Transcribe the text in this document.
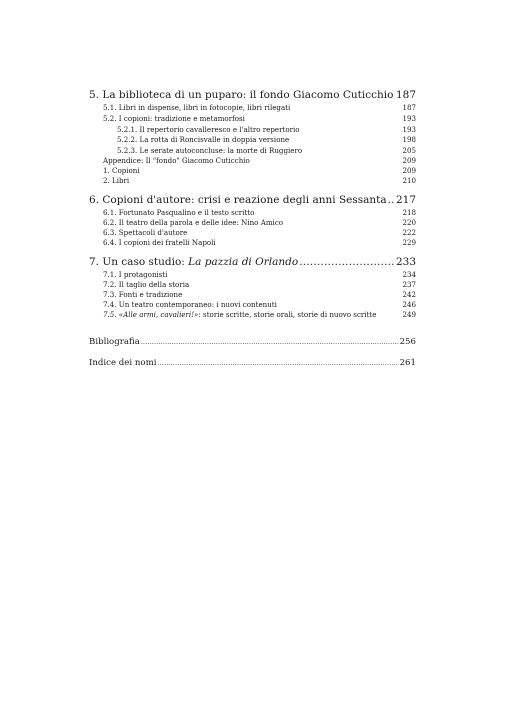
5. La biblioteca di un puparo: il fondo Giacomo Cuticchio ..... 187
5.1. Libri in dispense, libri in fotocopie, libri rilegati	187
5.2. I copioni: tradizione e metamorfosi	193
5.2.1. Il repertorio cavalleresco e l'altro repertorio	193
5.2.2. La rotta di Roncisvalle in doppia versione	198
5.2.3. Le serate autoconcluse: la morte di Ruggiero	205
Appendice: Il "fondo" Giacomo Cuticchio	209
1. Copioni	209
2. Libri	210
6. Copioni d'autore: crisi e reazione degli anni Sessanta ..... 217
6.1. Fortunato Pasqualino e il testo scritto	218
6.2. Il teatro della parola e delle idee: Nino Amico	220
6.3. Spettacoli d'autore	222
6.4. I copioni dei fratelli Napoli	229
7. Un caso studio: La pazzia di Orlando .....	233
7.1. I protagonisti	234
7.2. Il taglio della storia	237
7.3. Fonti e tradizione	242
7.4. Un teatro contemporaneo: i nuovi contenuti	246
7.5. «Alle armi, cavalieri!»: storie scritte, storie orali, storie di nuovo scritte	249
Bibliografia .....	256
Indice dei nomi .....	261
